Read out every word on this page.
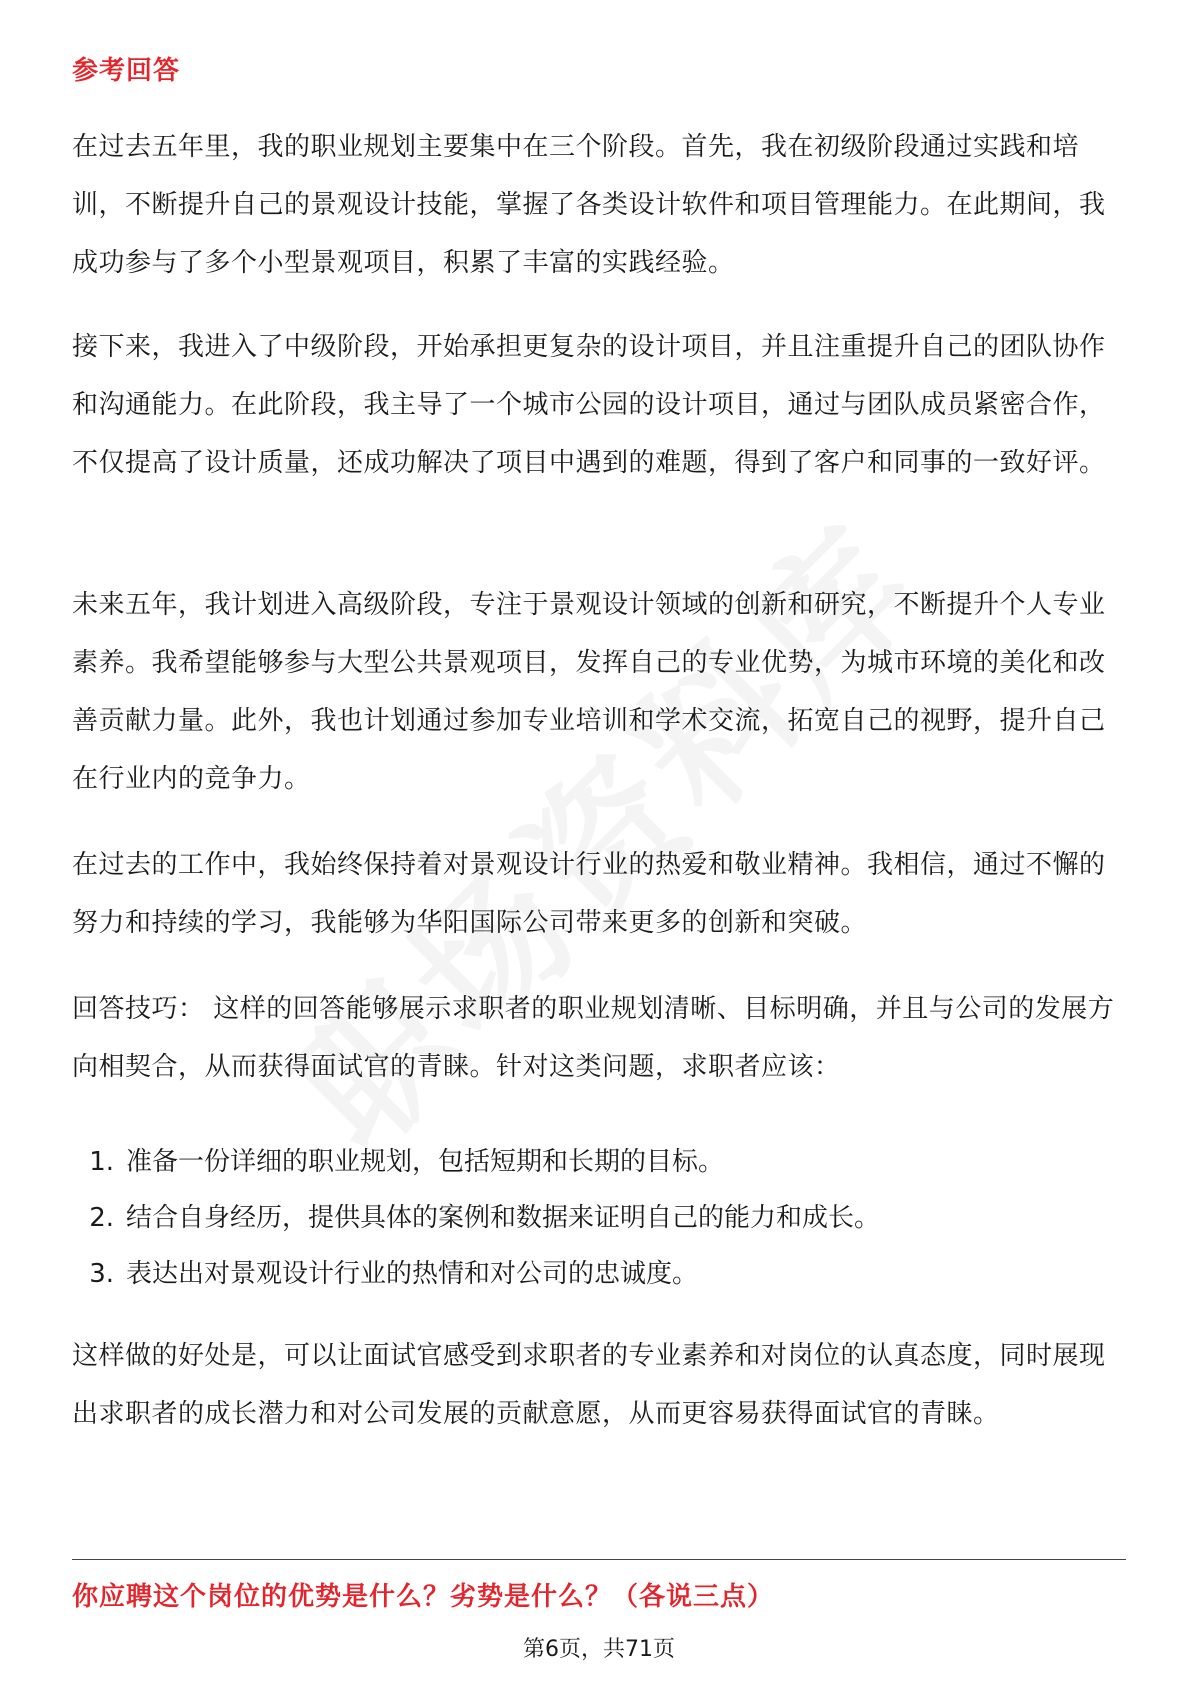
参考回答

在过去五年里，我的职业规划主要集中在三个阶段。首先，我在初级阶段通过实践和培训，不断提升自己的景观设计技能，掌握了各类设计软件和项目管理能力。在此期间，我成功参与了多个小型景观项目，积累了丰富的实践经验。

接下来，我进入了中级阶段，开始承担更复杂的设计项目，并且注重提升自己的团队协作和沟通能力。在此阶段，我主导了一个城市公园的设计项目，通过与团队成员紧密合作，不仅提高了设计质量，还成功解决了项目中遇到的难题，得到了客户和同事的一致好评。

未来五年，我计划进入高级阶段，专注于景观设计领域的创新和研究，不断提升个人专业素养。我希望能够参与大型公共景观项目，发挥自己的专业优势，为城市环境的美化和改善贡献力量。此外，我也计划通过参加专业培训和学术交流，拓宽自己的视野，提升自己在行业内的竞争力。

在过去的工作中，我始终保持着对景观设计行业的热爱和敬业精神。我相信，通过不懈的努力和持续的学习，我能够为华阳国际公司带来更多的创新和突破。

回答技巧： 这样的回答能够展示求职者的职业规划清晰、目标明确，并且与公司的发展方向相契合，从而获得面试官的青睐。针对这类问题，求职者应该：

1. 准备一份详细的职业规划，包括短期和长期的目标。
2. 结合自身经历，提供具体的案例和数据来证明自己的能力和成长。
3. 表达出对景观设计行业的热情和对公司的忠诚度。

这样做的好处是，可以让面试官感受到求职者的专业素养和对岗位的认真态度，同时展现出求职者的成长潜力和对公司发展的贡献意愿，从而更容易获得面试官的青睐。

你应聘这个岗位的优势是什么？劣势是什么？（各说三点）
第6页，共71页
